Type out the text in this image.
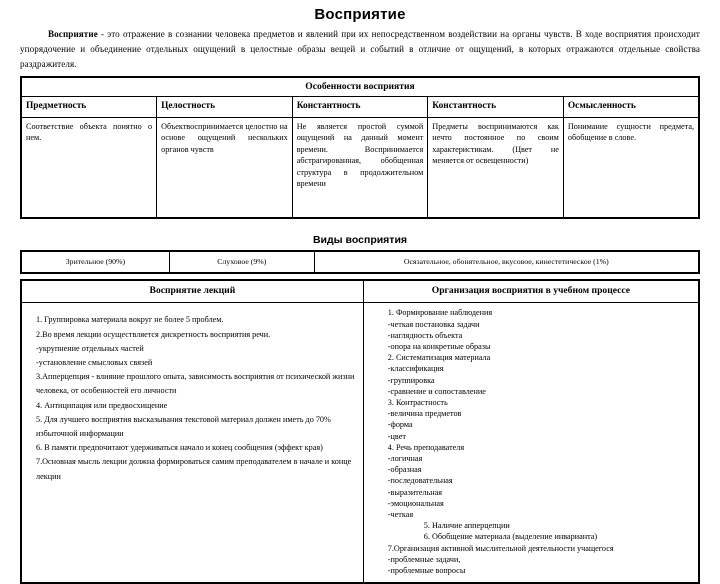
Восприятие

Восприятие - это отражение в сознании человека предметов и явлений при их непосредственном воздействии на органы чувств. В ходе восприятия происходит упорядочение и объединение отдельных ощущений в целостные образы вещей и событий в отличие от ощущений, в которых отражаются отдельные свойства раздражителя.

Особенности восприятия				
Предметность	Целостность	Константность	Константность	Осмысленность
Соответствие объекта понятно о нем.	Объектвоспринимается целостно на основе ощущений нескольких органов чувств	Не является простой суммой ощущений на данный момент времени. Воспринимается абстрагированная, обобщенная структура в продолжительном времени	Предметы воспринимаются как нечто постоянное по своим характеристикам. (Цвет не меняется от освещенности)	Понимание сущности предмета, обобщение в слове.
Виды восприятия
Зрительное (90%)	Слуховое (9%)	Осязательное, обонятельное, вкусовое, кинестетическое (1%)
Восприятие лекций	Организация восприятия в учебном процессе

1. Группировка материала вокруг не более 5 проблем.
2.Во время лекции осуществляется дискретность восприятия речи.
-укрупнение отдельных частей
-установление смысловых связей
3.Апперцепция - влияние прошлого опыта, зависимость восприятия от психической жизни человека, от особенностей его личности
4. Антиципация или предвосхищение
5. Для лучшего восприятия высказывания текстовой материал должен иметь до 70% избыточной информации
6. В памяти предпочитают удерживаться начало и конец сообщения (эффект края)
7.Основная мысль лекции должна формироваться самим преподавателем в начале и конце лекции

1. Формирование наблюдения
-четкая постановка задачи
-наглядность объекта
-опора на конкретные образы
2. Систематизация материала
-классификация
-группировка
-сравнение и сопоставление
3. Контрастность
-величина предметов
-форма
-цвет
4. Речь преподавателя
-логичная
-образная
-последовательная
-выразительная
-эмоциональная
-четкая
5. Наличие апперцепции
6. Обобщение материала (выделение инварианта)
7.Организация активной мыслительной деятельности учащегося
-проблемные задачи,
-проблемные вопросы
